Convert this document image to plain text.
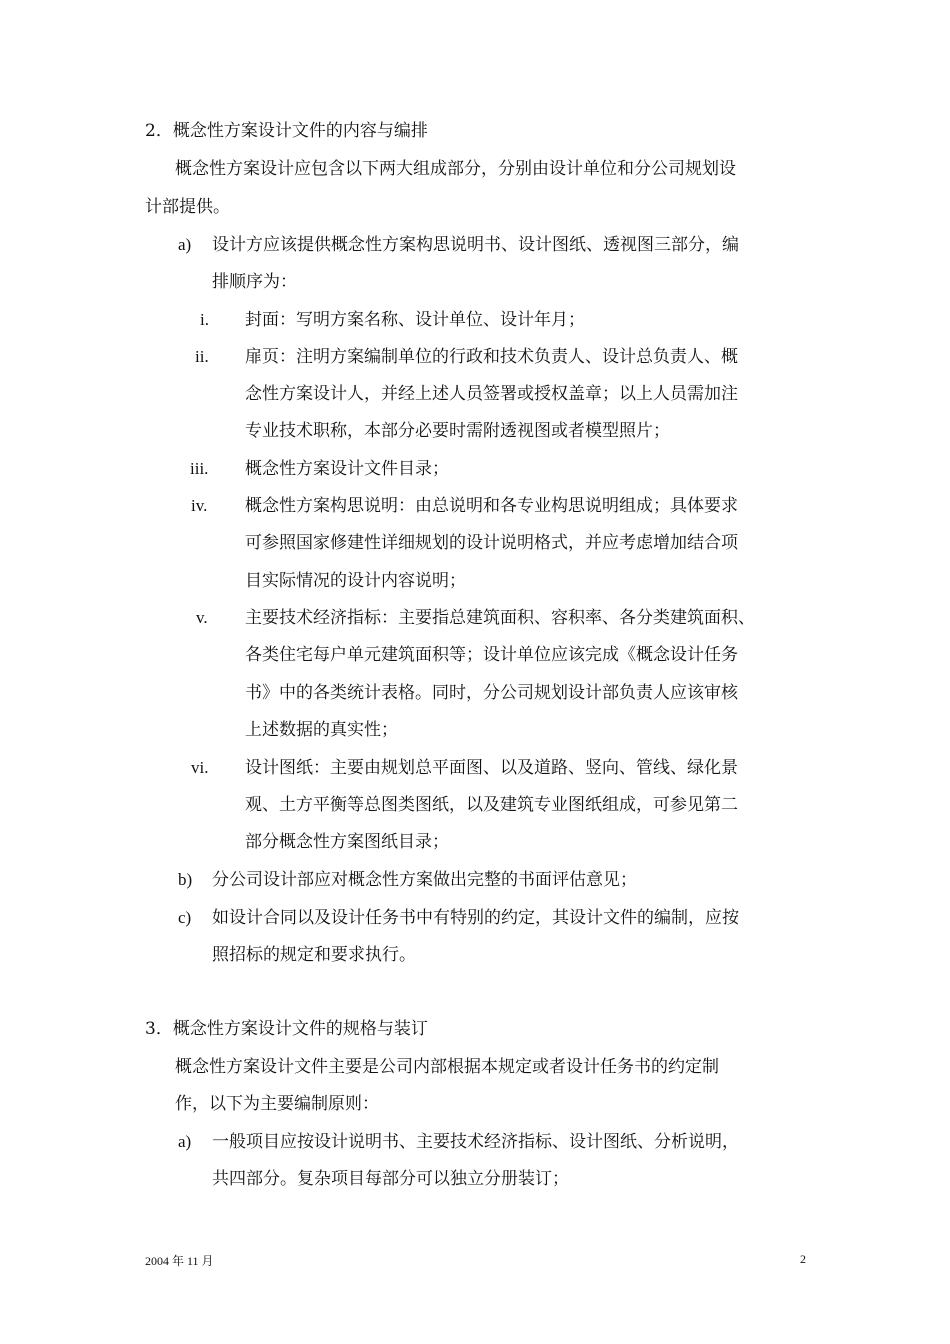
2．概念性方案设计文件的内容与编排
概念性方案设计应包含以下两大组成部分，分别由设计单位和分公司规划设
计部提供。
a) 设计方应该提供概念性方案构思说明书、设计图纸、透视图三部分，编
排顺序为：
i. 封面：写明方案名称、设计单位、设计年月；
ii. 扉页：注明方案编制单位的行政和技术负责人、设计总负责人、概
念性方案设计人，并经上述人员签署或授权盖章；以上人员需加注
专业技术职称，本部分必要时需附透视图或者模型照片；
iii. 概念性方案设计文件目录；
iv. 概念性方案构思说明：由总说明和各专业构思说明组成；具体要求
可参照国家修建性详细规划的设计说明格式，并应考虑增加结合项
目实际情况的设计内容说明；
v. 主要技术经济指标：主要指总建筑面积、容积率、各分类建筑面积、
各类住宅每户单元建筑面积等；设计单位应该完成《概念设计任务
书》中的各类统计表格。同时，分公司规划设计部负责人应该审核
上述数据的真实性；
vi. 设计图纸：主要由规划总平面图、以及道路、竖向、管线、绿化景
观、土方平衡等总图类图纸，以及建筑专业图纸组成，可参见第二
部分概念性方案图纸目录；
b) 分公司设计部应对概念性方案做出完整的书面评估意见；
c) 如设计合同以及设计任务书中有特别的约定，其设计文件的编制，应按
照招标的规定和要求执行。
3．概念性方案设计文件的规格与装订
概念性方案设计文件主要是公司内部根据本规定或者设计任务书的约定制
作，以下为主要编制原则：
a) 一般项目应按设计说明书、主要技术经济指标、设计图纸、分析说明，
共四部分。复杂项目每部分可以独立分册装订；
2004 年 11 月	2
